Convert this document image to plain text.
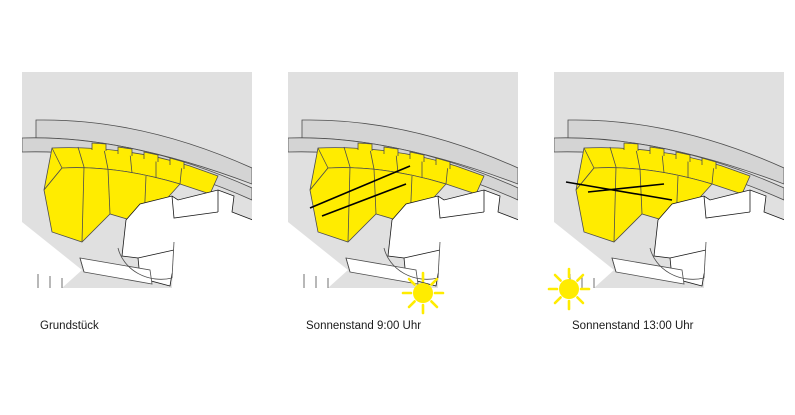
Grundstück	Sonnenstand 9:00 Uhr	Sonnenstand 13:00 Uhr
